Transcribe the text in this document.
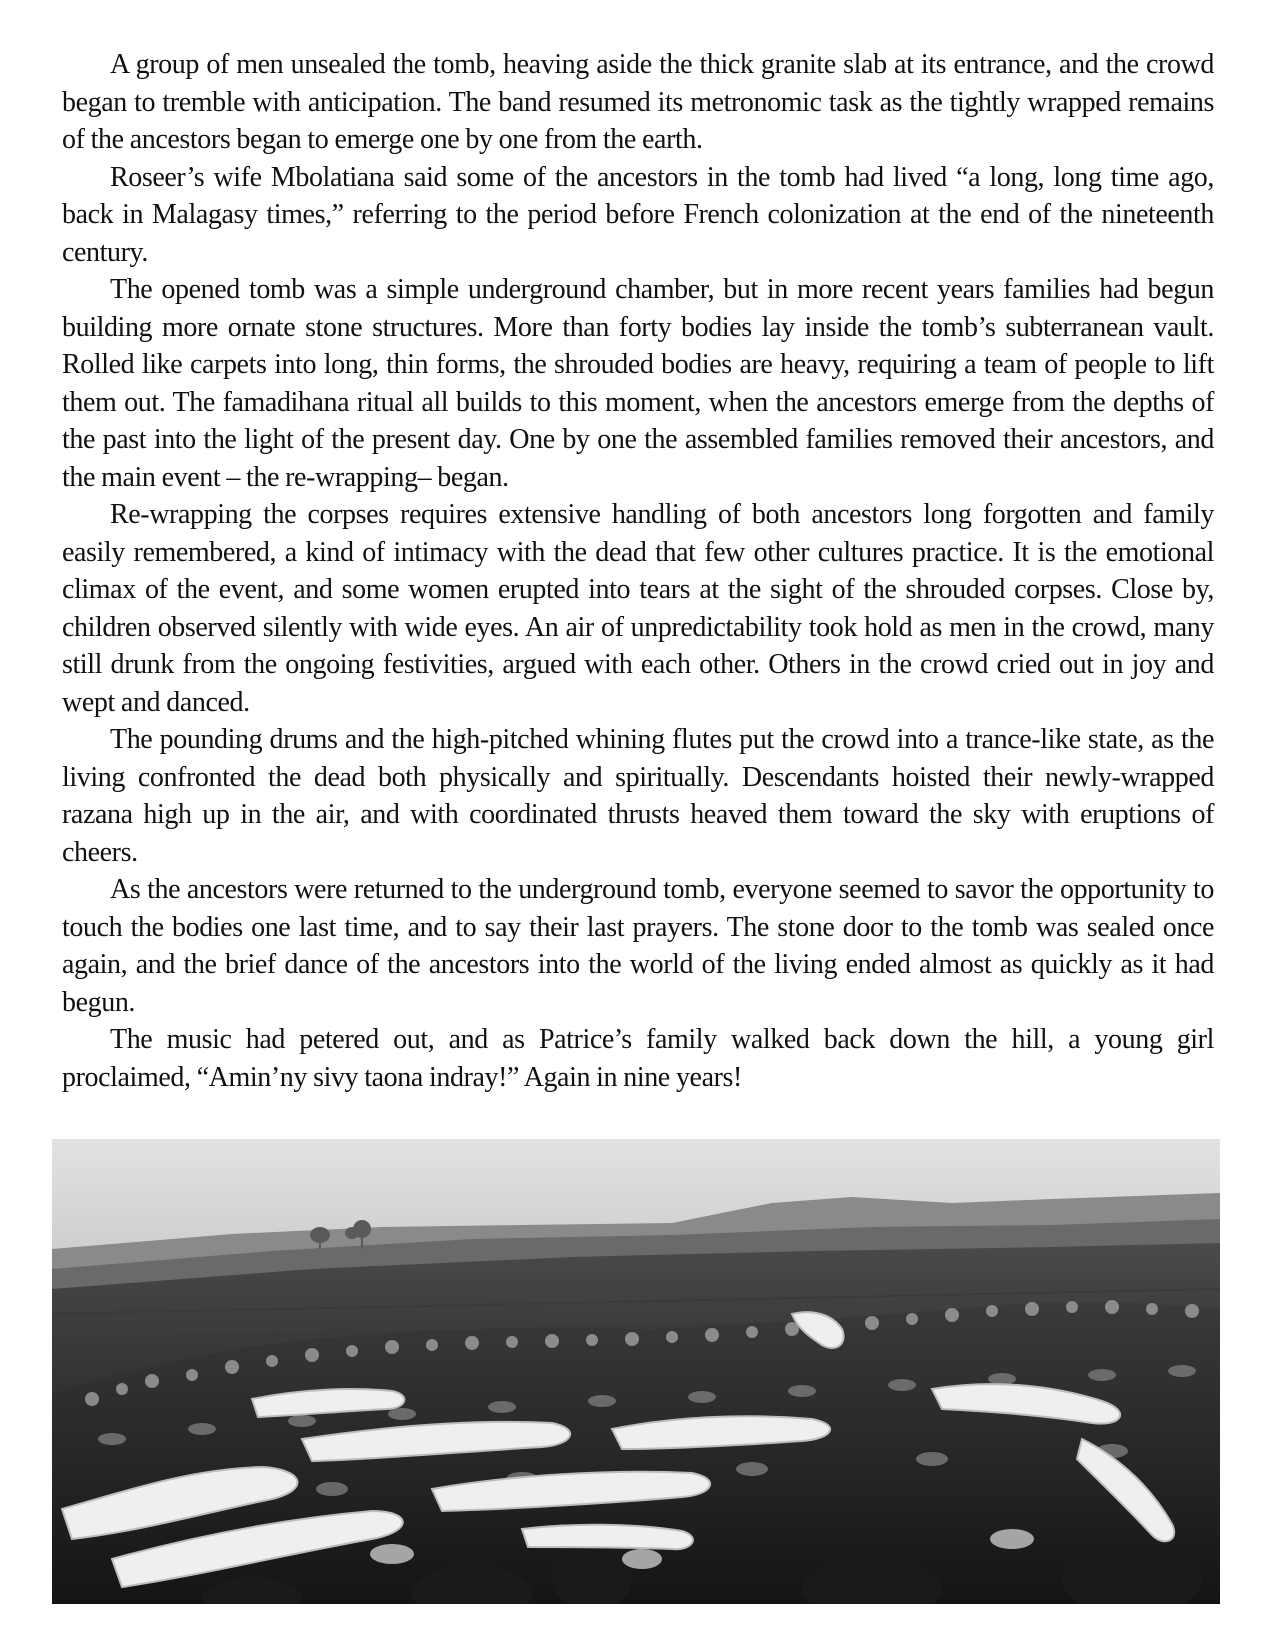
A group of men unsealed the tomb, heaving aside the thick granite slab at its entrance, and the crowd began to tremble with anticipation. The band resumed its metronomic task as the tightly wrapped remains of the ancestors began to emerge one by one from the earth.

Roseer’s wife Mbolatiana said some of the ancestors in the tomb had lived “a long, long time ago, back in Malagasy times,” referring to the period before French colonization at the end of the nineteenth century.

The opened tomb was a simple underground chamber, but in more recent years families had begun building more ornate stone structures. More than forty bodies lay inside the tomb’s subterranean vault. Rolled like carpets into long, thin forms, the shrouded bodies are heavy, requiring a team of people to lift them out. The famadihana ritual all builds to this moment, when the ancestors emerge from the depths of the past into the light of the present day. One by one the assembled families removed their ancestors, and the main event – the re-wrapping– began.

Re-wrapping the corpses requires extensive handling of both ancestors long forgotten and family easily remembered, a kind of intimacy with the dead that few other cultures practice. It is the emotional climax of the event, and some women erupted into tears at the sight of the shrouded corpses. Close by, children observed silently with wide eyes. An air of unpredictability took hold as men in the crowd, many still drunk from the ongoing festivities, argued with each other. Others in the crowd cried out in joy and wept and danced.

The pounding drums and the high-pitched whining flutes put the crowd into a trance-like state, as the living confronted the dead both physically and spiritually. Descendants hoisted their newly-wrapped razana high up in the air, and with coordinated thrusts heaved them toward the sky with eruptions of cheers.

As the ancestors were returned to the underground tomb, everyone seemed to savor the opportunity to touch the bodies one last time, and to say their last prayers. The stone door to the tomb was sealed once again, and the brief dance of the ancestors into the world of the living ended almost as quickly as it had begun.

The music had petered out, and as Patrice’s family walked back down the hill, a young girl proclaimed, “Amin’ny sivy taona indray!” Again in nine years!
